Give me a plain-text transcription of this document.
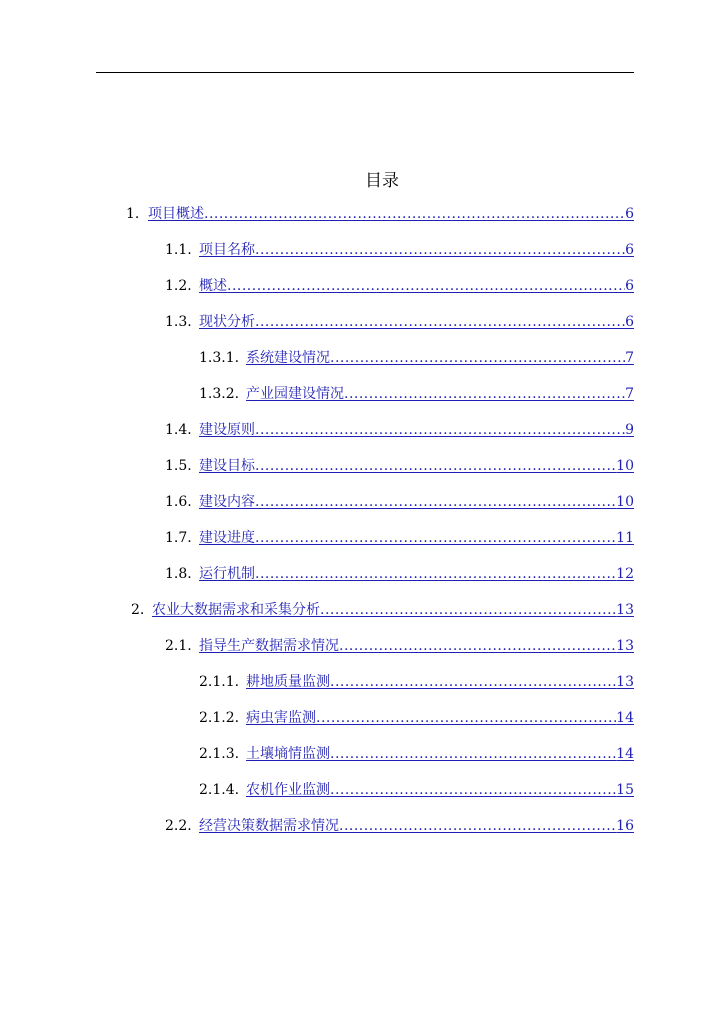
目录
1. 项目概述 .....	6
1.1. 项目名称 .....	6
1.2. 概述 .....	6
1.3. 现状分析 .....	6
1.3.1. 系统建设情况 .....	7
1.3.2. 产业园建设情况 .....	7
1.4. 建设原则 .....	9
1.5. 建设目标 .....	10
1.6. 建设内容 .....	10
1.7. 建设进度 .....	11
1.8. 运行机制 .....	12
2. 农业大数据需求和采集分析 .....	13
2.1. 指导生产数据需求情况 .....	13
2.1.1. 耕地质量监测 .....	13
2.1.2. 病虫害监测 .....	14
2.1.3. 土壤墒情监测 .....	14
2.1.4. 农机作业监测 .....	15
2.2. 经营决策数据需求情况 .....	16
